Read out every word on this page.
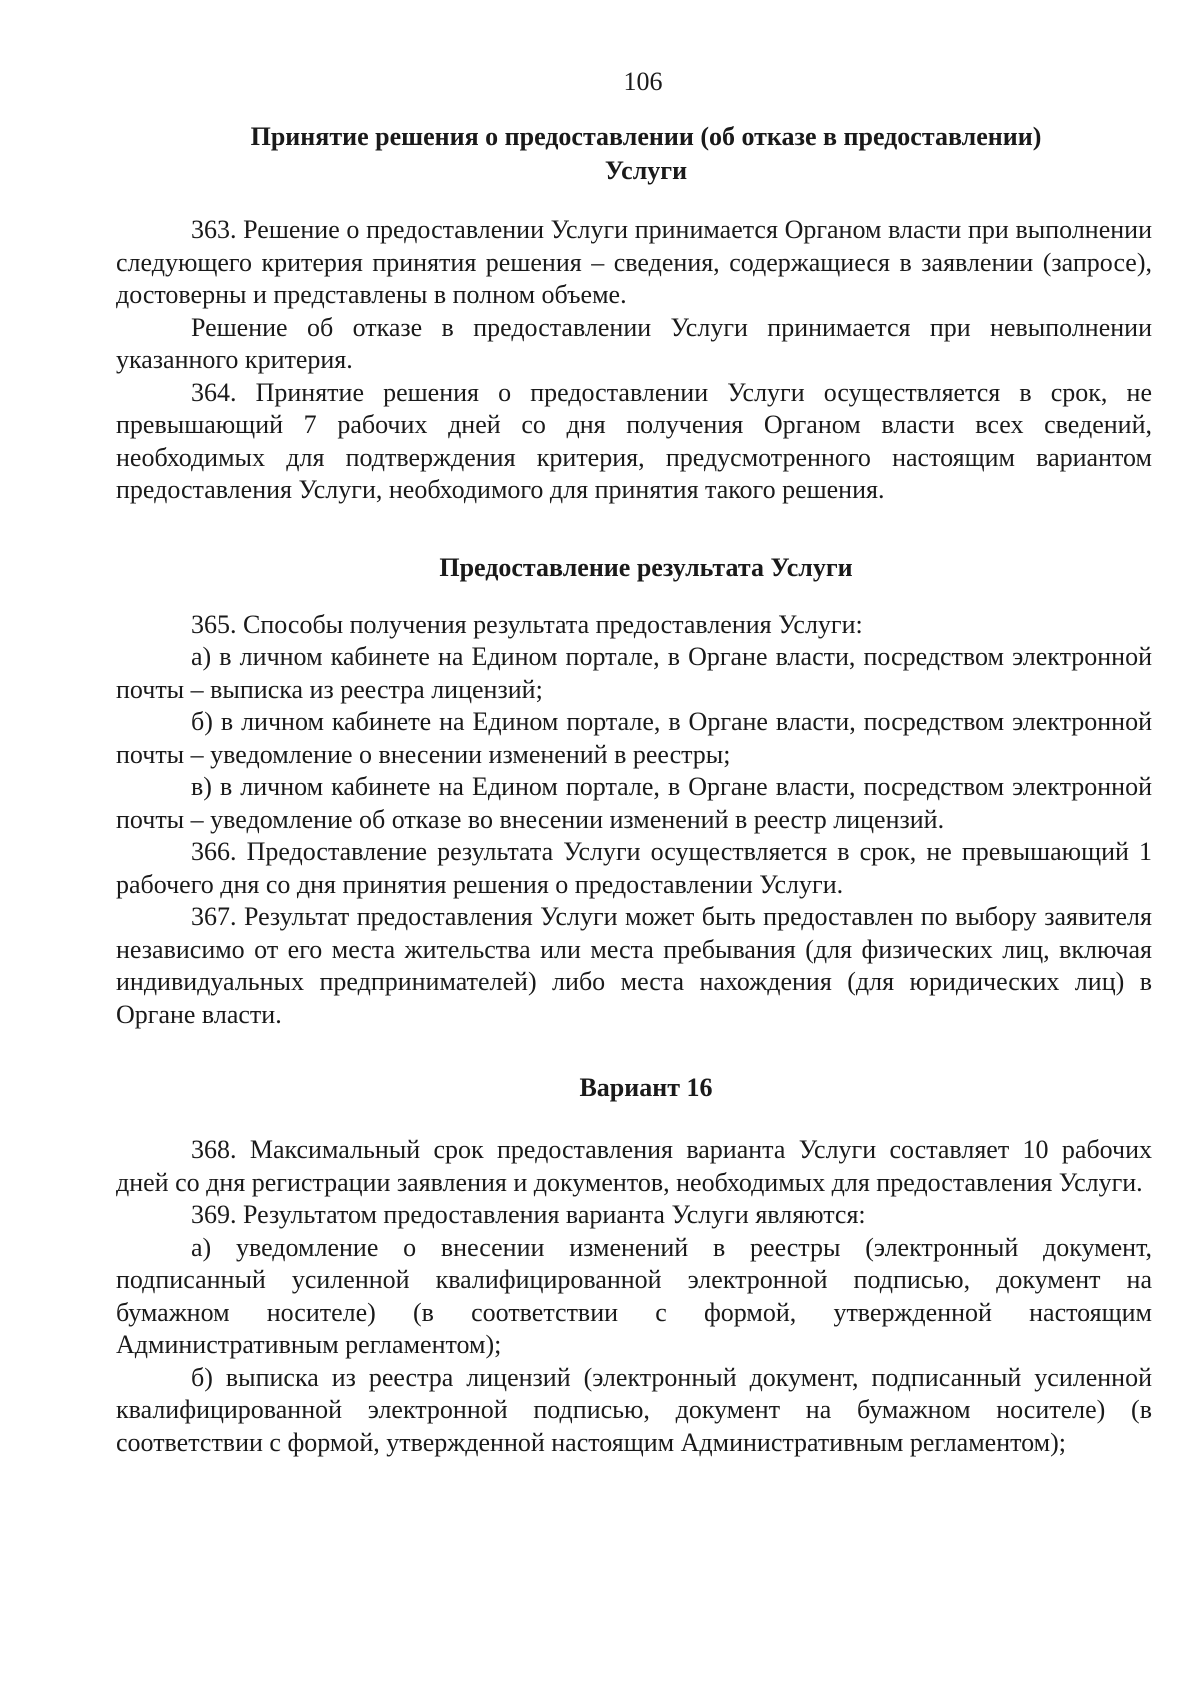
106
Принятие решения о предоставлении (об отказе в предоставлении)
Услуги

363. Решение о предоставлении Услуги принимается Органом власти при выполнении следующего критерия принятия решения – сведения, содержащиеся в заявлении (запросе), достоверны и представлены в полном объеме.

Решение об отказе в предоставлении Услуги принимается при невыполнении указанного критерия.

364. Принятие решения о предоставлении Услуги осуществляется в срок, не превышающий 7 рабочих дней со дня получения Органом власти всех сведений, необходимых для подтверждения критерия, предусмотренного настоящим вариантом предоставления Услуги, необходимого для принятия такого решения.

Предоставление результата Услуги

365. Способы получения результата предоставления Услуги:

а) в личном кабинете на Едином портале, в Органе власти, посредством электронной почты – выписка из реестра лицензий;

б) в личном кабинете на Едином портале, в Органе власти, посредством электронной почты – уведомление о внесении изменений в реестры;

в) в личном кабинете на Едином портале, в Органе власти, посредством электронной почты – уведомление об отказе во внесении изменений в реестр лицензий.

366. Предоставление результата Услуги осуществляется в срок, не превышающий 1 рабочего дня со дня принятия решения о предоставлении Услуги.

367. Результат предоставления Услуги может быть предоставлен по выбору заявителя независимо от его места жительства или места пребывания (для физических лиц, включая индивидуальных предпринимателей) либо места нахождения (для юридических лиц) в Органе власти.

Вариант 16

368. Максимальный срок предоставления варианта Услуги составляет 10 рабочих дней со дня регистрации заявления и документов, необходимых для предоставления Услуги.

369. Результатом предоставления варианта Услуги являются:

а) уведомление о внесении изменений в реестры (электронный документ, подписанный усиленной квалифицированной электронной подписью, документ на бумажном носителе) (в соответствии с формой, утвержденной настоящим Административным регламентом);

б) выписка из реестра лицензий (электронный документ, подписанный усиленной квалифицированной электронной подписью, документ на бумажном носителе) (в соответствии с формой, утвержденной настоящим Административным регламентом);
